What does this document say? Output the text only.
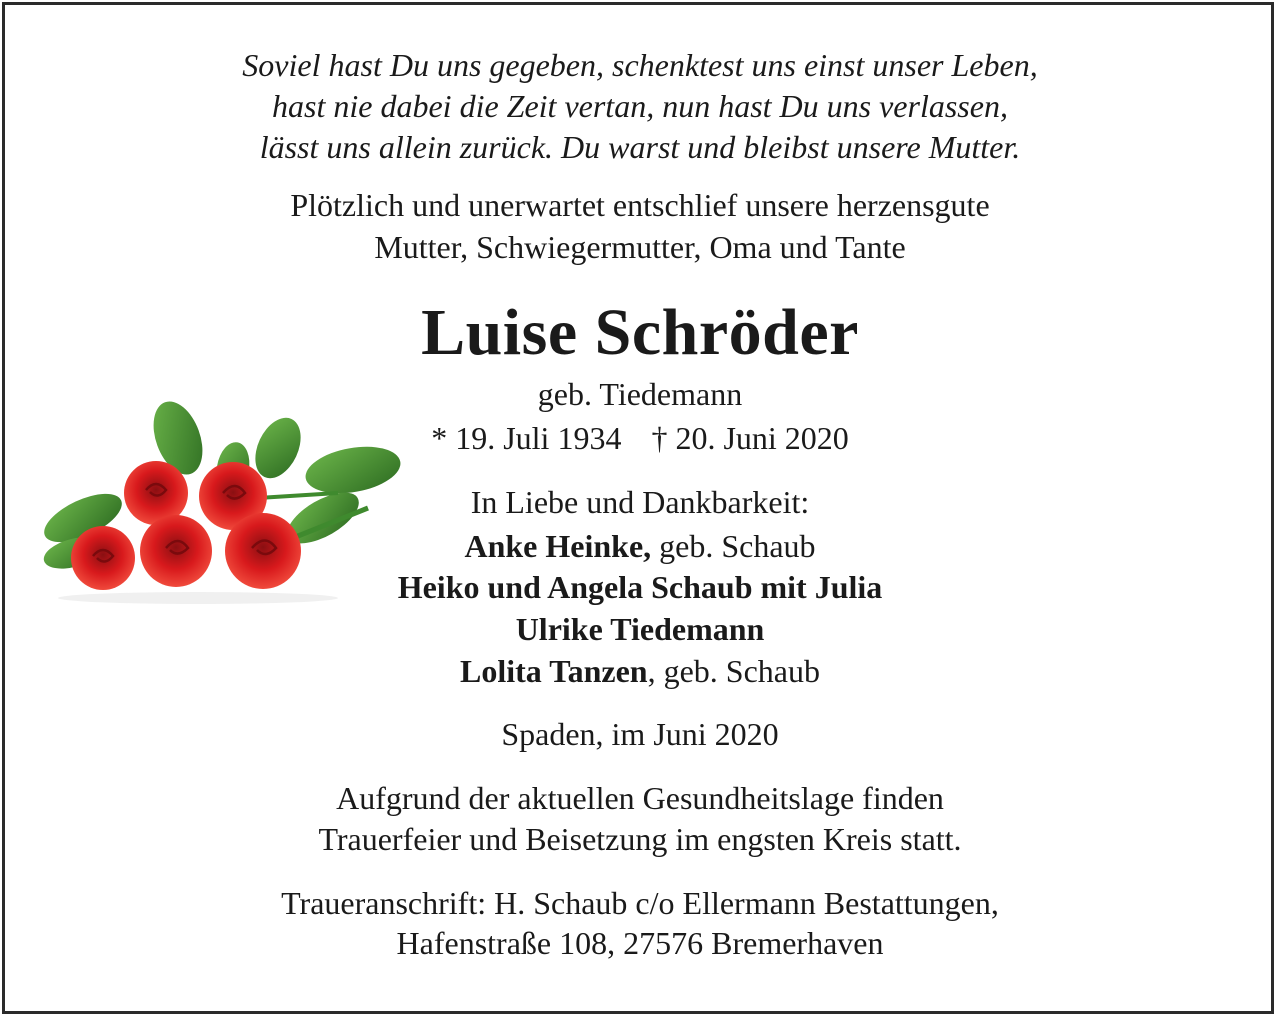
Soviel hast Du uns gegeben, schenktest uns einst unser Leben,

hast nie dabei die Zeit vertan, nun hast Du uns verlassen,

lässt uns allein zurück. Du warst und bleibst unsere Mutter.

Plötzlich und unerwartet entschlief unsere herzensgute

Mutter, Schwiegermutter, Oma und Tante

Luise Schröder

geb. Tiedemann

* 19. Juli 1934 † 20. Juni 2020

In Liebe und Dankbarkeit:

Anke Heinke, geb. Schaub

Heiko und Angela Schaub mit Julia

Ulrike Tiedemann

Lolita Tanzen, geb. Schaub

Spaden, im Juni 2020

Aufgrund der aktuellen Gesundheitslage finden

Trauerfeier und Beisetzung im engsten Kreis statt.

Traueranschrift: H. Schaub c/o Ellermann Bestattungen,

Hafenstraße 108, 27576 Bremerhaven
